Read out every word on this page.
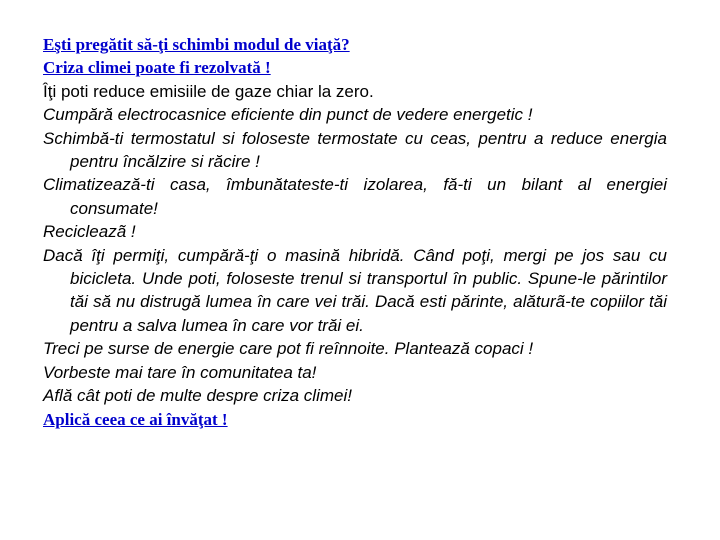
Eşti pregătit să-ţi schimbi modul de viaţă?
Criza climei poate fi rezolvată !

Îţi poti reduce emisiile de gaze chiar la zero.

Cumpără electrocasnice eficiente din punct de vedere energetic !

Schimbă-ti termostatul si foloseste termostate cu ceas, pentru a reduce energia pentru încălzire si răcire !

Climatizează-ti casa, îmbunătateste-ti izolarea, fă-ti un bilant al energiei consumate!

Recicleazã !

Dacă îţi permiţi, cumpără-ţi o masină hibridă. Când poţi, mergi pe jos sau cu bicicleta. Unde poti, foloseste trenul si transportul în public. Spune-le părintilor tăi să nu distrugă lumea în care vei trăi. Dacă esti părinte, alăturã-te copiilor tăi pentru a salva lumea în care vor trăi ei.

Treci pe surse de energie care pot fi reînnoite. Plantează copaci !

Vorbeste mai tare în comunitatea ta!

Află cât poti de multe despre criza climei!

Aplică ceea ce ai învăţat !
